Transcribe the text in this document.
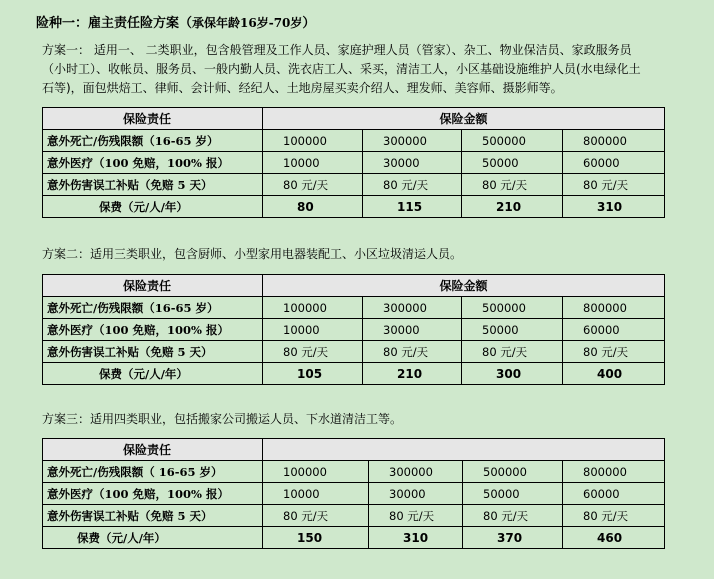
险种一：雇主责任险方案（承保年龄16岁-70岁）
方案一： 适用一、 二类职业，包含般管理及工作人员、家庭护理人员（管家）、杂工、物业保洁员、家政服务员
（小时工）、收帐员、服务员、一般内勤人员、洗衣店工人、采买，清洁工人，小区基础设施维护人员(水电绿化土
石等)，面包烘焙工、律师、会计师、经纪人、土地房屋买卖介绍人、理发师、美容师、摄影师等。
保险责任	保险金额			
意外死亡/伤残限额（16-65 岁）	100000	300000	500000	800000
意外医疗（100 免赔，100% 报）	10000	30000	50000	60000
意外伤害误工补贴（免赔 5 天）	80 元/天	80 元/天	80 元/天	80 元/天
保费（元/人/年）	80	115	210	310
方案二：适用三类职业，包含厨师、小型家用电器装配工、小区垃圾清运人员。
保险责任	保险金额			
意外死亡/伤残限额（16-65 岁）	100000	300000	500000	800000
意外医疗（100 免赔，100% 报）	10000	30000	50000	60000
意外伤害误工补贴（免赔 5 天）	80 元/天	80 元/天	80 元/天	80 元/天
保费（元/人/年）	105	210	300	400
方案三：适用四类职业，包括搬家公司搬运人员、下水道清洁工等。
保险责任				
意外死亡/伤残限额（ 16-65 岁）	100000	300000	500000	800000
意外医疗（100 免赔，100% 报）	10000	30000	50000	60000
意外伤害误工补贴（免赔 5 天）	80 元/天	80 元/天	80 元/天	80 元/天
保费（元/人/年）	150	310	370	460
